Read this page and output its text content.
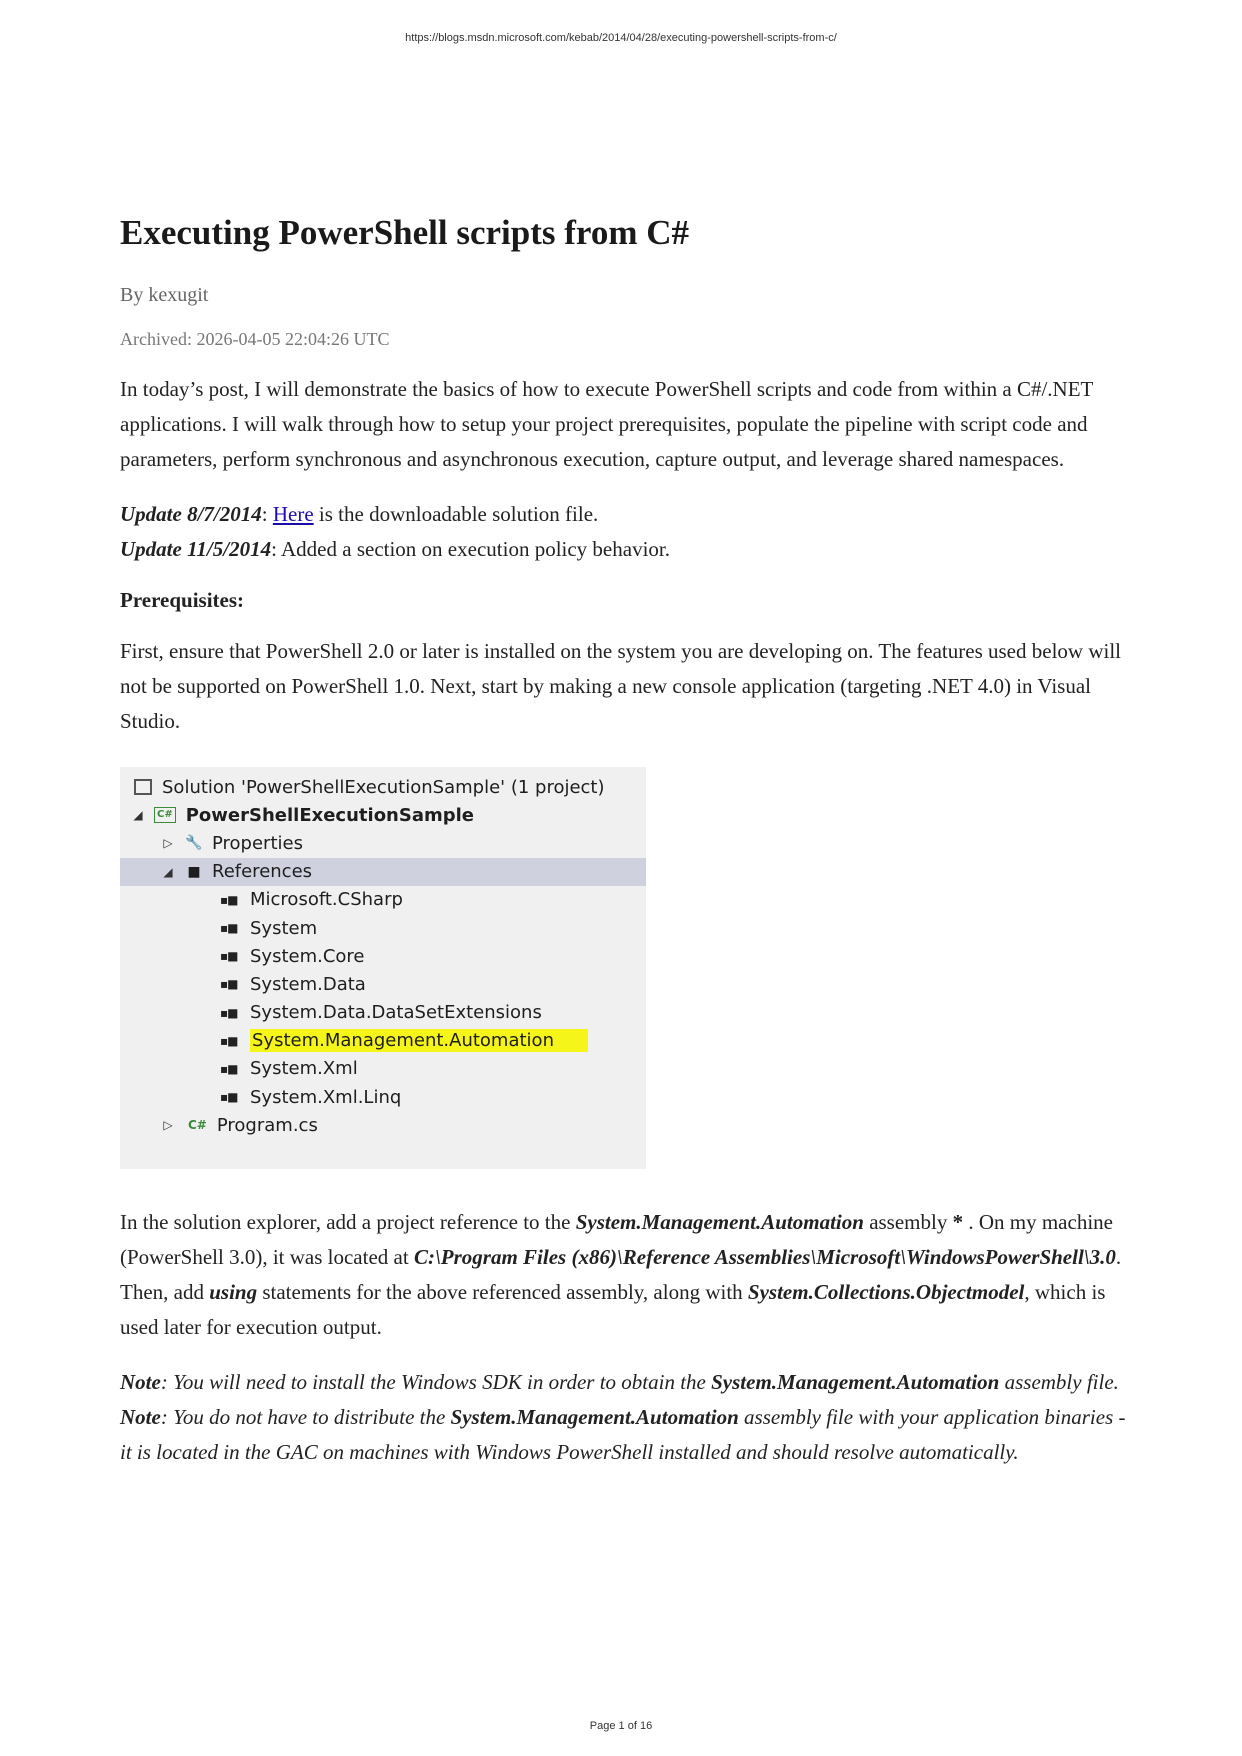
https://blogs.msdn.microsoft.com/kebab/2014/04/28/executing-powershell-scripts-from-c/
Executing PowerShell scripts from C#
By kexugit
Archived: 2026-04-05 22:04:26 UTC

In today’s post, I will demonstrate the basics of how to execute PowerShell scripts and code from within a C#/.NET applications. I will walk through how to setup your project prerequisites, populate the pipeline with script code and parameters, perform synchronous and asynchronous execution, capture output, and leverage shared namespaces.

Update 8/7/2014: Here is the downloadable solution file.
Update 11/5/2014: Added a section on execution policy behavior.

Prerequisites:

First, ensure that PowerShell 2.0 or later is installed on the system you are developing on. The features used below will not be supported on PowerShell 1.0. Next, start by making a new console application (targeting .NET 4.0) in Visual Studio.

Solution 'PowerShellExecutionSample' (1 project)
◢	C# PowerShellExecutionSample
▷ 🔧 Properties
◢ ■ References
▪■ Microsoft.CSharp
▪■ System
▪■ System.Core
▪■ System.Data
▪■ System.Data.DataSetExtensions
▪■ System.Management.Automation
▪■ System.Xml
▪■ System.Xml.Linq
▷ C# Program.cs

In the solution explorer, add a project reference to the System.Management.Automation assembly * . On my machine (PowerShell 3.0), it was located at C:\Program Files (x86)\Reference Assemblies\Microsoft\WindowsPowerShell\3.0. Then, add using statements for the above referenced assembly, along with System.Collections.Objectmodel, which is used later for execution output.

Note: You will need to install the Windows SDK in order to obtain the System.Management.Automation assembly file.
Note: You do not have to distribute the System.Management.Automation assembly file with your application binaries - it is located in the GAC on machines with Windows PowerShell installed and should resolve automatically.

Page 1 of 16
